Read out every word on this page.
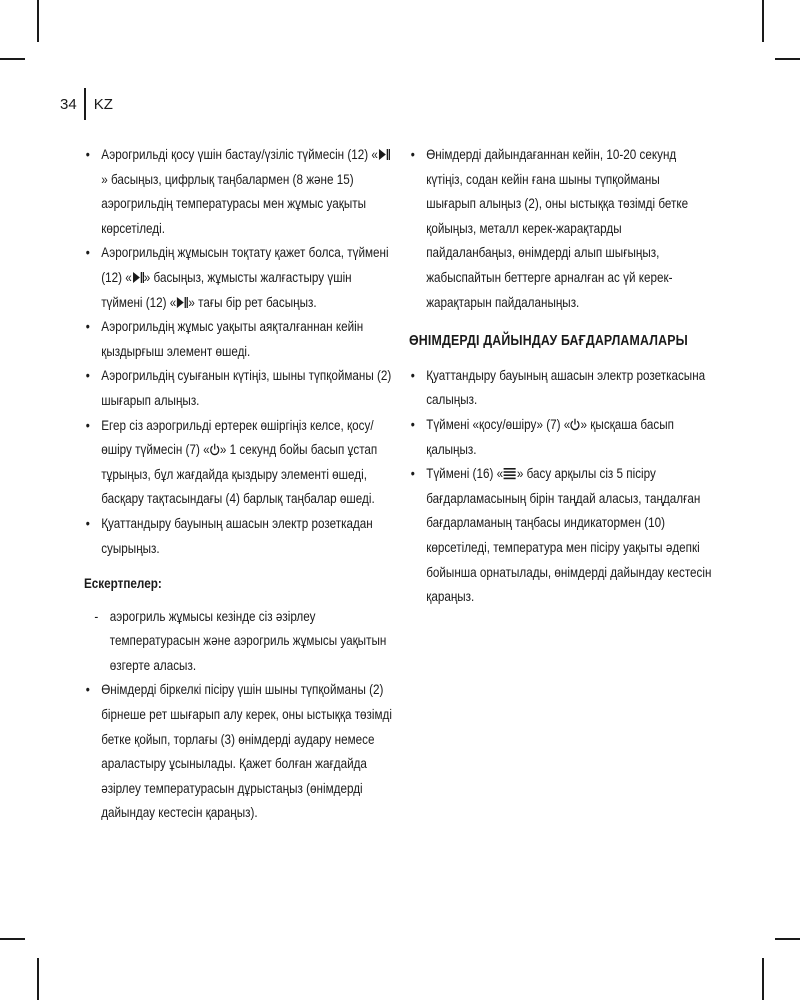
34	KZ
• Аэрогрильді қосу үшін бастау/үзіліс түймесін (12) «» басыңыз, цифрлық таңбалармен (8 және 15) аэрогрильдің температурасы мен жұмыс уақыты көрсетіледі.
• Аэрогрильдің жұмысын тоқтату қажет болса, түймені (12) « » басыңыз, жұмысты жалғастыру үшін түймені (12) « » тағы бір рет басыңыз.
• Аэрогрильдің жұмыс уақыты аяқталғаннан кейін қыздырғыш элемент өшеді.
• Аэрогрильдің суығанын күтіңіз, шыны түпқойманы (2) шығарып алыңыз.
• Егер сіз аэрогрильді ертерек өшіргіңіз келсе, қосу/өшіру түймесін (7) « » 1 секунд бойы басып ұстап тұрыңыз, бұл жағдайда қыздыру элементі өшеді, басқару тақтасындағы (4) барлық таңбалар өшеді.
• Қуаттандыру бауының ашасын электр розеткадан суырыңыз.
Ескертпелер:
- аэрогриль жұмысы кезінде сіз әзірлеу температурасын және аэрогриль жұмысы уақытын өзгерте аласыз.
• Өнімдерді біркелкі пісіру үшін шыны түпқойманы (2) бірнеше рет шығарып алу керек, оны ыстыққа төзімді бетке қойып, торлағы (3) өнімдерді аудару немесе араластыру ұсынылады. Қажет болған жағдайда әзірлеу температурасын дұрыстаңыз (өнімдерді дайындау кестесін қараңыз).
• Өнімдерді дайындағаннан кейін, 10-20 секунд күтіңіз, содан кейін ғана шыны түпқойманы шығарып алыңыз (2), оны ыстыққа төзімді бетке қойыңыз, металл керек-жарақтарды пайдаланбаңыз, өнімдерді алып шығыңыз, жабыспайтын беттерге арналған ас үй керек-жарақтарын пайдаланыңыз.
ӨНІМДЕРДІ ДАЙЫНДАУ БАҒДАРЛАМАЛАРЫ
• Қуаттандыру бауының ашасын электр розеткасына салыңыз.
• Түймені «қосу/өшіру» (7) « » қысқаша басып қалыңыз.
• Түймені (16) « » басу арқылы сіз 5 пісіру бағдарламасының бірін таңдай аласыз, таңдалған бағдарламаның таңбасы индикатормен (10) көрсетіледі, температура мен пісіру уақыты әдепкі бойынша орнатылады, өнімдерді дайындау кестесін қараңыз.
